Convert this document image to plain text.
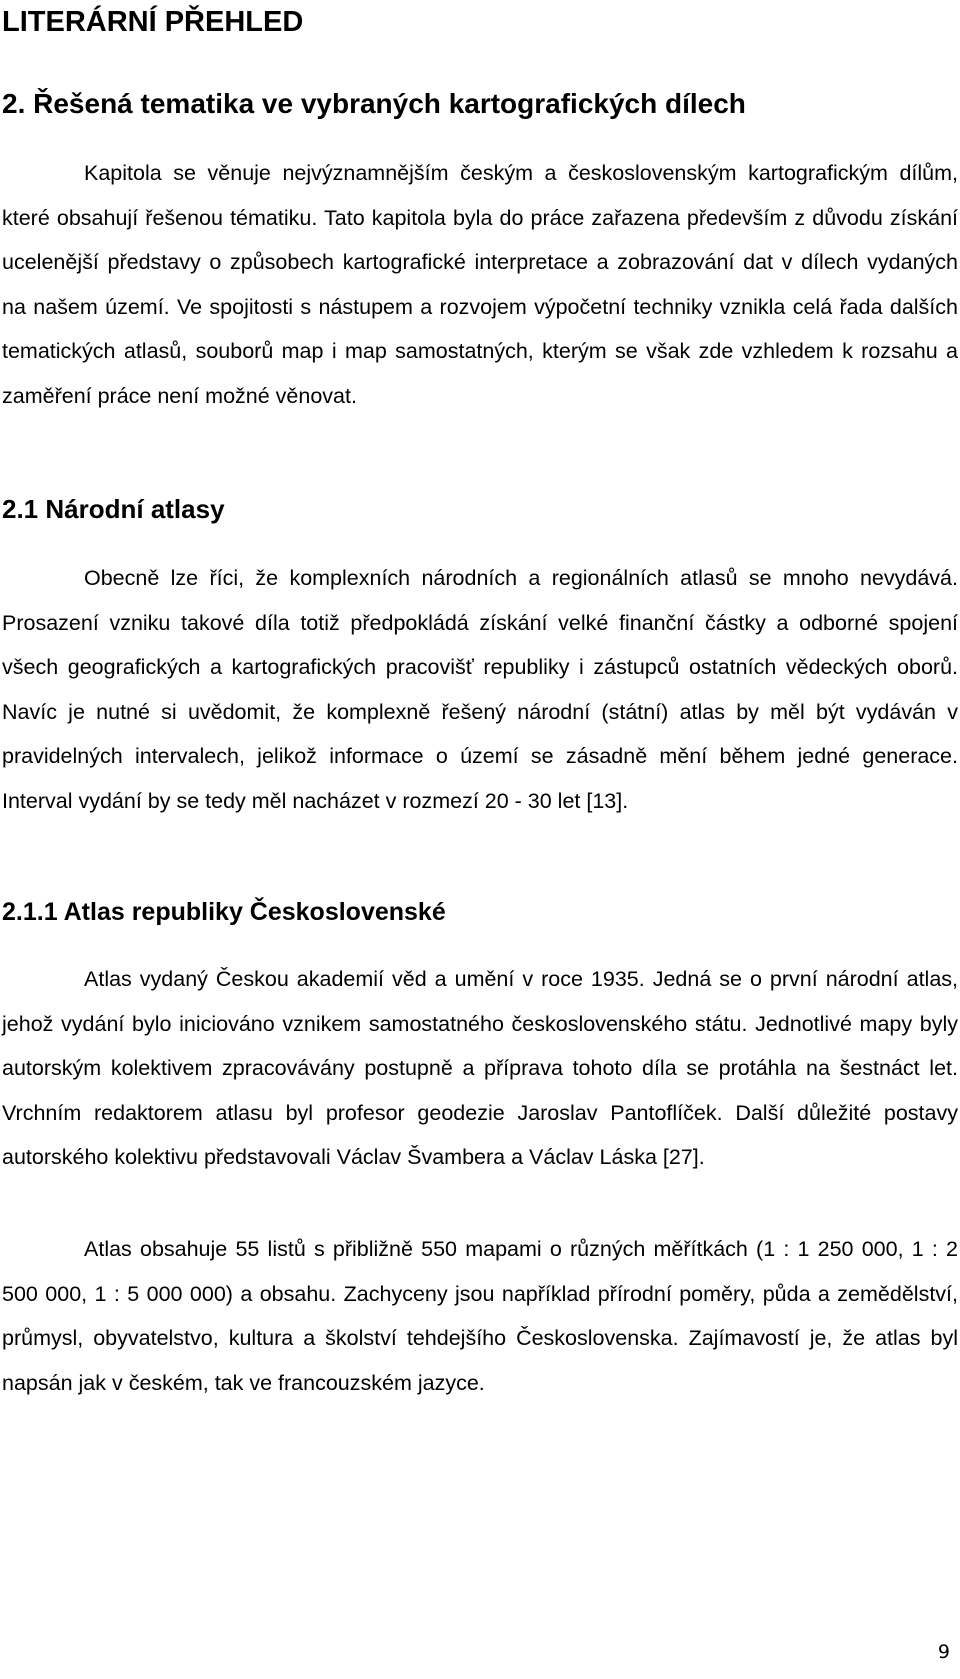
LITERÁRNÍ PŘEHLED
2. Řešená tematika ve vybraných kartografických dílech

Kapitola se věnuje nejvýznamnějším českým a československým kartografickým dílům, které obsahují řešenou tématiku. Tato kapitola byla do práce zařazena především z důvodu získání ucelenější představy o způsobech kartografické interpretace a zobrazování dat v dílech vydaných na našem území. Ve spojitosti s nástupem a rozvojem výpočetní techniky vznikla celá řada dalších tematických atlasů, souborů map i map samostatných, kterým se však zde vzhledem k rozsahu a zaměření práce není možné věnovat.

2.1 Národní atlasy

Obecně lze říci, že komplexních národních a regionálních atlasů se mnoho nevydává. Prosazení vzniku takové díla totiž předpokládá získání velké finanční částky a odborné spojení všech geografických a kartografických pracovišť republiky i zástupců ostatních vědeckých oborů. Navíc je nutné si uvědomit, že komplexně řešený národní (státní) atlas by měl být vydáván v pravidelných intervalech, jelikož informace o území se zásadně mění během jedné generace. Interval vydání by se tedy měl nacházet v rozmezí 20 - 30 let [13].

2.1.1 Atlas republiky Československé

Atlas vydaný Českou akademií věd a umění v roce 1935. Jedná se o první národní atlas, jehož vydání bylo iniciováno vznikem samostatného československého státu. Jednotlivé mapy byly autorským kolektivem zpracovávány postupně a příprava tohoto díla se protáhla na šestnáct let. Vrchním redaktorem atlasu byl profesor geodezie Jaroslav Pantoflíček. Další důležité postavy autorského kolektivu představovali Václav Švambera a Václav Láska [27].

Atlas obsahuje 55 listů s přibližně 550 mapami o různých měřítkách (1 : 1 250 000, 1 : 2 500 000, 1 : 5 000 000) a obsahu. Zachyceny jsou například přírodní poměry, půda a zemědělství, průmysl, obyvatelstvo, kultura a školství tehdejšího Československa. Zajímavostí je, že atlas byl napsán jak v českém, tak ve francouzském jazyce.

9
